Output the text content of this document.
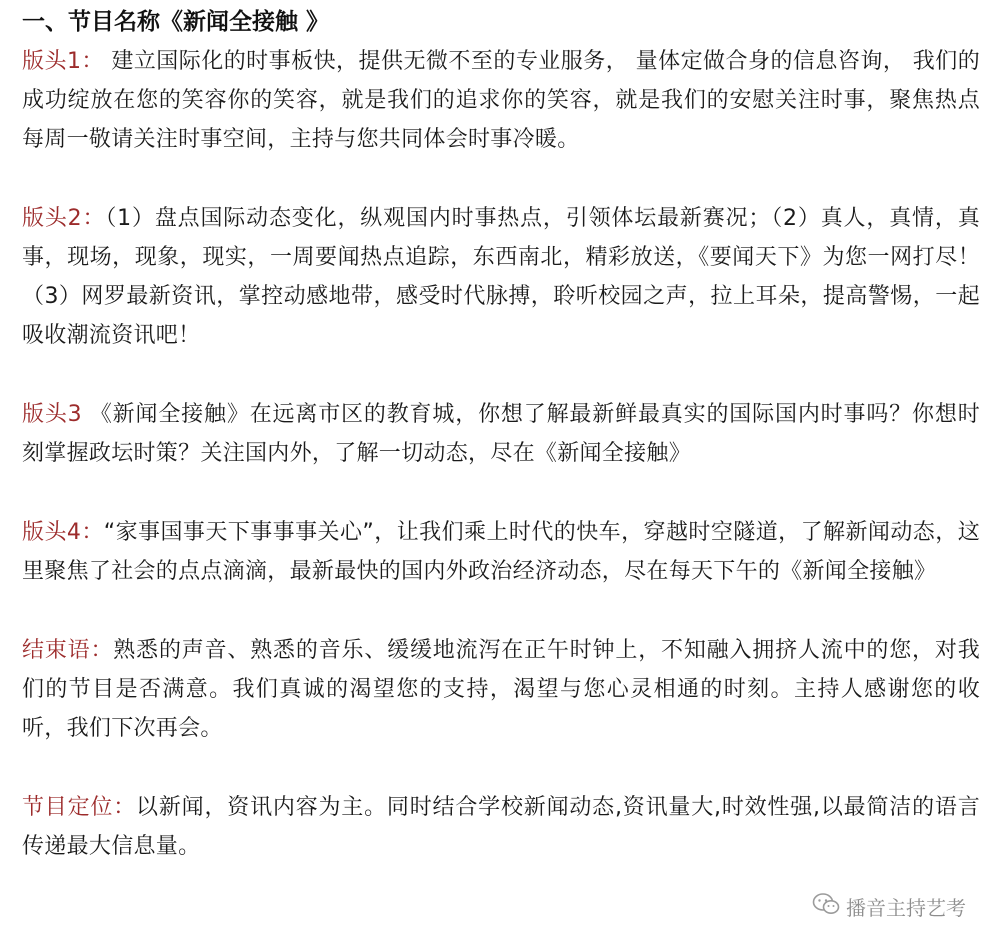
一、节目名称《新闻全接触 》

版头1： 建立国际化的时事板快，提供无微不至的专业服务， 量体定做合身的信息咨询， 我们的成功绽放在您的笑容你的笑容，就是我们的追求你的笑容，就是我们的安慰关注时事，聚焦热点每周一敬请关注时事空间，主持与您共同体会时事冷暖。

版头2：（1）盘点国际动态变化，纵观国内时事热点，引领体坛最新赛况；（2）真人，真情，真事，现场，现象，现实，一周要闻热点追踪，东西南北，精彩放送，《要闻天下》为您一网打尽！（3）网罗最新资讯，掌控动感地带，感受时代脉搏，聆听校园之声，拉上耳朵，提高警惕，一起吸收潮流资讯吧！

版头3 《新闻全接触》在远离市区的教育城，你想了解最新鲜最真实的国际国内时事吗？你想时刻掌握政坛时策？关注国内外，了解一切动态，尽在《新闻全接触》

版头4：“家事国事天下事事事关心”，让我们乘上时代的快车，穿越时空隧道，了解新闻动态，这里聚焦了社会的点点滴滴，最新最快的国内外政治经济动态，尽在每天下午的《新闻全接触》

结束语：熟悉的声音、熟悉的音乐、缓缓地流泻在正午时钟上，不知融入拥挤人流中的您，对我们的节目是否满意。我们真诚的渴望您的支持，渴望与您心灵相通的时刻。主持人感谢您的收听，我们下次再会。

节目定位：以新闻，资讯内容为主。同时结合学校新闻动态,资讯量大,时效性强,以最简洁的语言传递最大信息量。

播音主持艺考
